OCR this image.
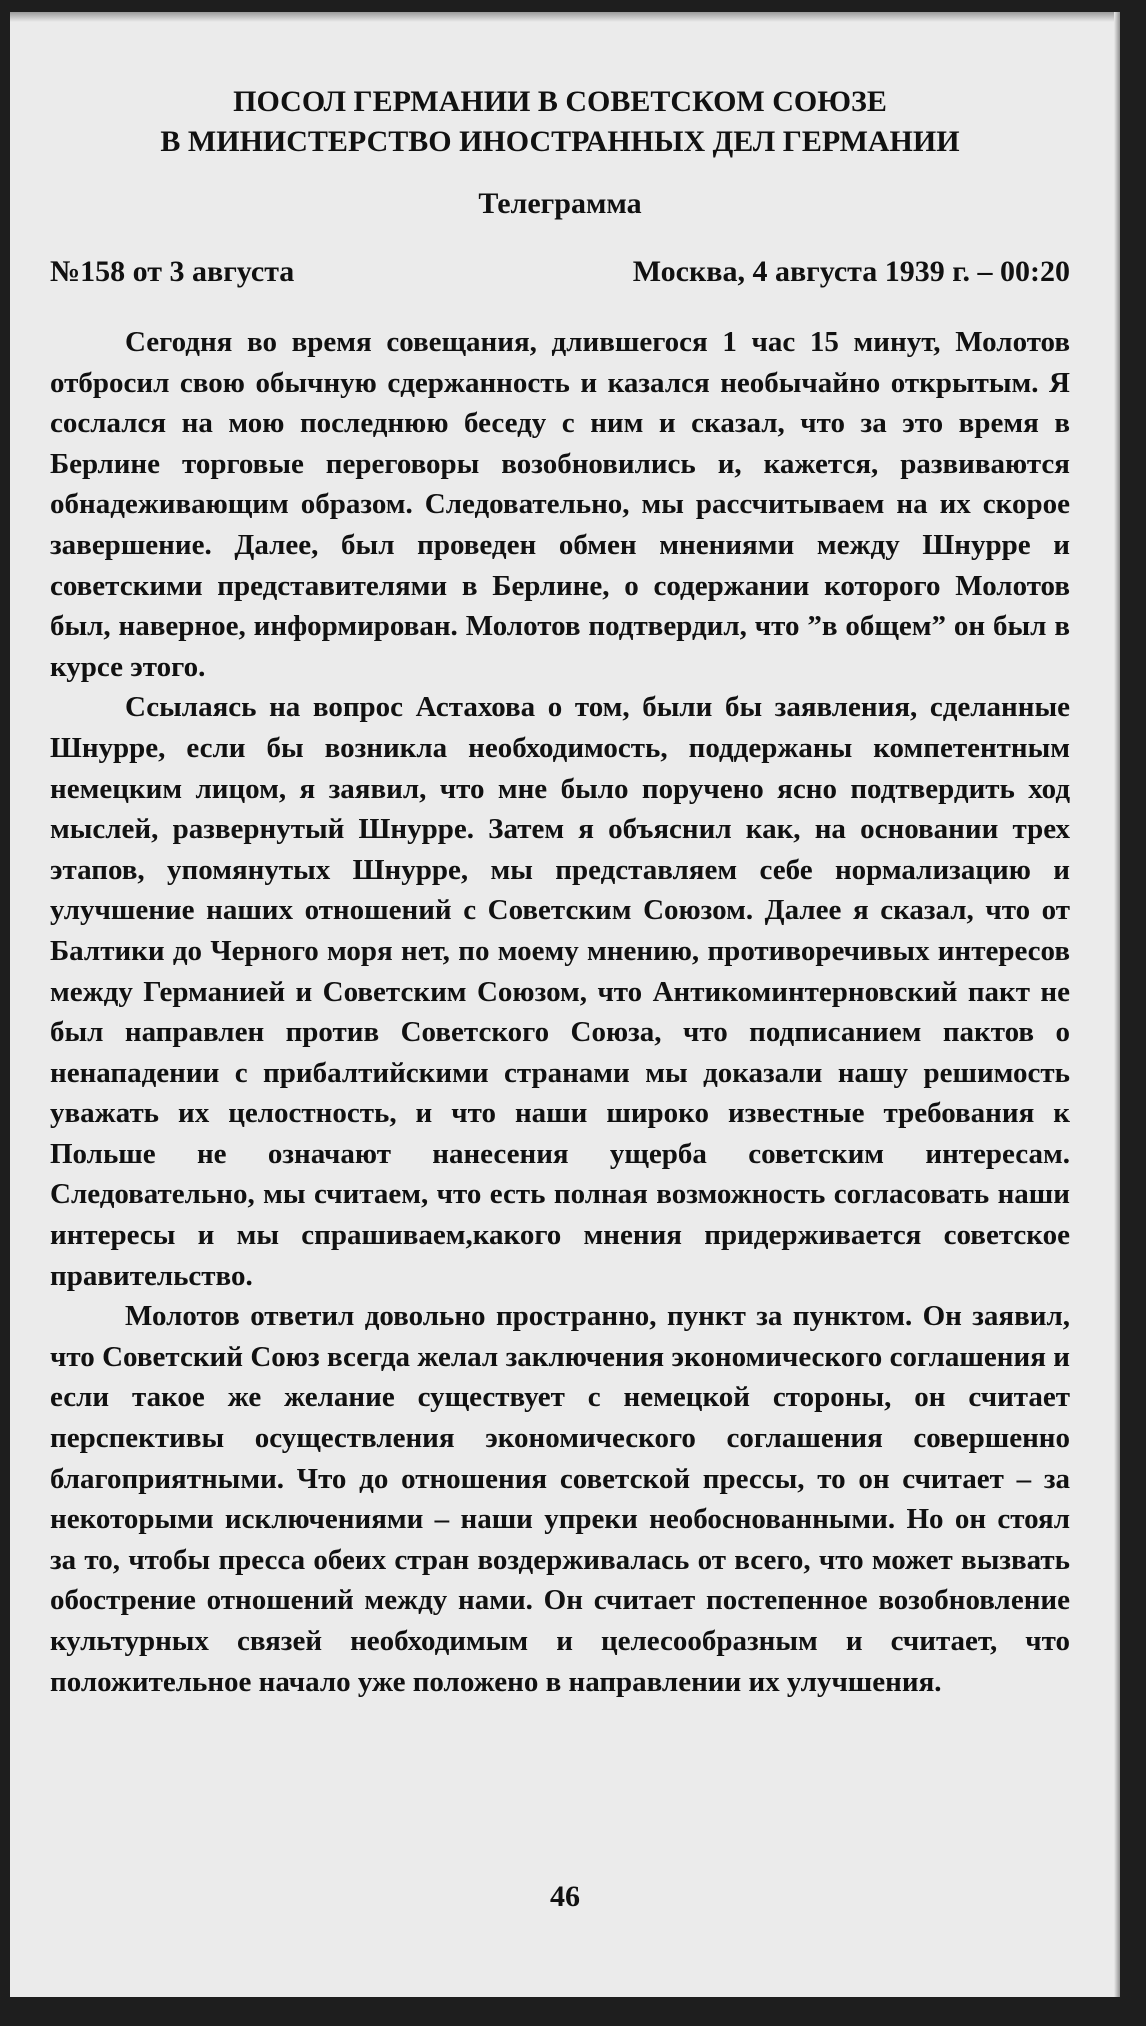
ПОСОЛ ГЕРМАНИИ В СОВЕТСКОМ СОЮЗЕ

В МИНИСТЕРСТВО ИНОСТРАННЫХ ДЕЛ ГЕРМАНИИ

Телеграмма

№158 от 3 августа	Москва, 4 августа 1939 г. – 00:20

Сегодня во время совещания, длившегося 1 час 15 минут, Молотов отбросил свою обычную сдержанность и казался необычайно открытым. Я сослался на мою последнюю беседу с ним и сказал, что за это время в Берлине торговые переговоры возобновились и, кажется, развиваются обнадеживающим образом. Следовательно, мы рассчитываем на их скорое завершение. Далее, был проведен обмен мнениями между Шнурре и советскими представителями в Берлине, о содержании которого Молотов был, наверное, информирован. Молотов подтвердил, что ”в общем” он был в курсе этого.

Ссылаясь на вопрос Астахова о том, были бы заявления, сделанные Шнурре, если бы возникла необходимость, поддержаны компетентным немецким лицом, я заявил, что мне было поручено ясно подтвердить ход мыслей, развернутый Шнурре. Затем я объяснил как, на основании трех этапов, упомянутых Шнурре, мы представляем себе нормализацию и улучшение наших отношений с Советским Союзом. Далее я сказал, что от Балтики до Черного моря нет, по моему мнению, противоречивых интересов между Германией и Советским Союзом, что Антикоминтерновский пакт не был направлен против Советского Союза, что подписанием пактов о ненападении с прибалтийскими странами мы доказали нашу решимость уважать их целостность, и что наши широко известные требования к Польше не означают нанесения ущерба советским интересам. Следовательно, мы считаем, что есть полная возможность согласовать наши интересы и мы спрашиваем,какого мнения придерживается советское правительство.

Молотов ответил довольно пространно, пункт за пунктом. Он заявил, что Советский Союз всегда желал заключения экономического соглашения и если такое же желание существует с немецкой стороны, он считает перспективы осуществления экономического соглашения совершенно благоприятными. Что до отношения советской прессы, то он считает – за некоторыми исключениями – наши упреки необоснованными. Но он стоял за то, чтобы пресса обеих стран воздерживалась от всего, что может вызвать обострение отношений между нами. Он считает постепенное возобновление культурных связей необходимым и целесообразным и считает, что положительное начало уже положено в направлении их улучшения.

46
